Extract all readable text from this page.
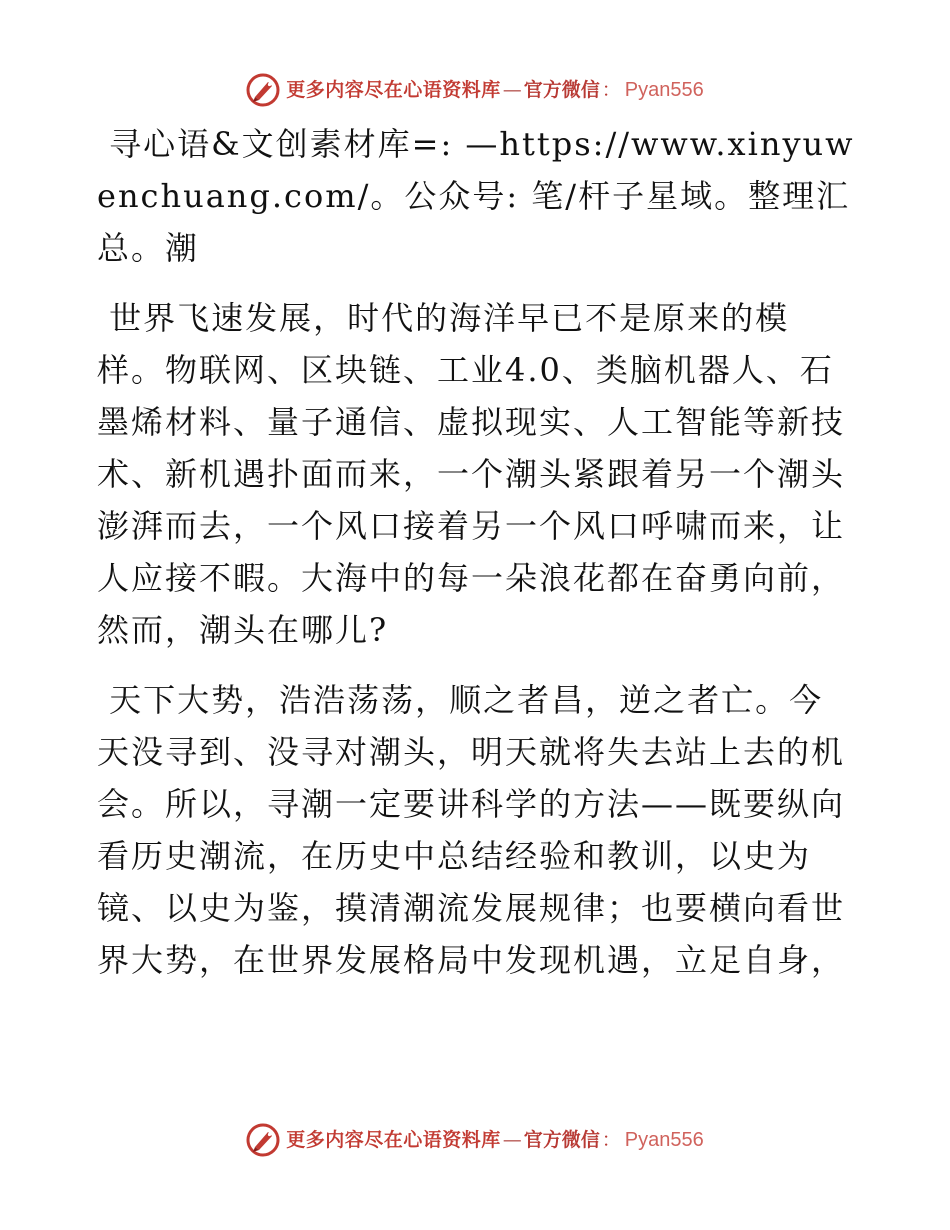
更多内容尽在心语资料库 — 官方微信 ： Pyan556

寻心语&文创素材库=: —https://www.xinyuwenchuang.com/。公众号: 笔/杆子星域。整理汇总。潮

世界飞速发展，时代的海洋早已不是原来的模样。物联网、区块链、工业4.0、类脑机器人、石墨烯材料、量子通信、虚拟现实、人工智能等新技术、新机遇扑面而来，一个潮头紧跟着另一个潮头澎湃而去，一个风口接着另一个风口呼啸而来，让人应接不暇。大海中的每一朵浪花都在奋勇向前，然而，潮头在哪儿?

天下大势，浩浩荡荡，顺之者昌，逆之者亡。今天没寻到、没寻对潮头，明天就将失去站上去的机会。所以，寻潮一定要讲科学的方法——既要纵向看历史潮流，在历史中总结经验和教训，以史为镜、以史为鉴，摸清潮流发展规律；也要横向看世界大势，在世界发展格局中发现机遇，立足自身，

更多内容尽在心语资料库 — 官方微信 ： Pyan556
